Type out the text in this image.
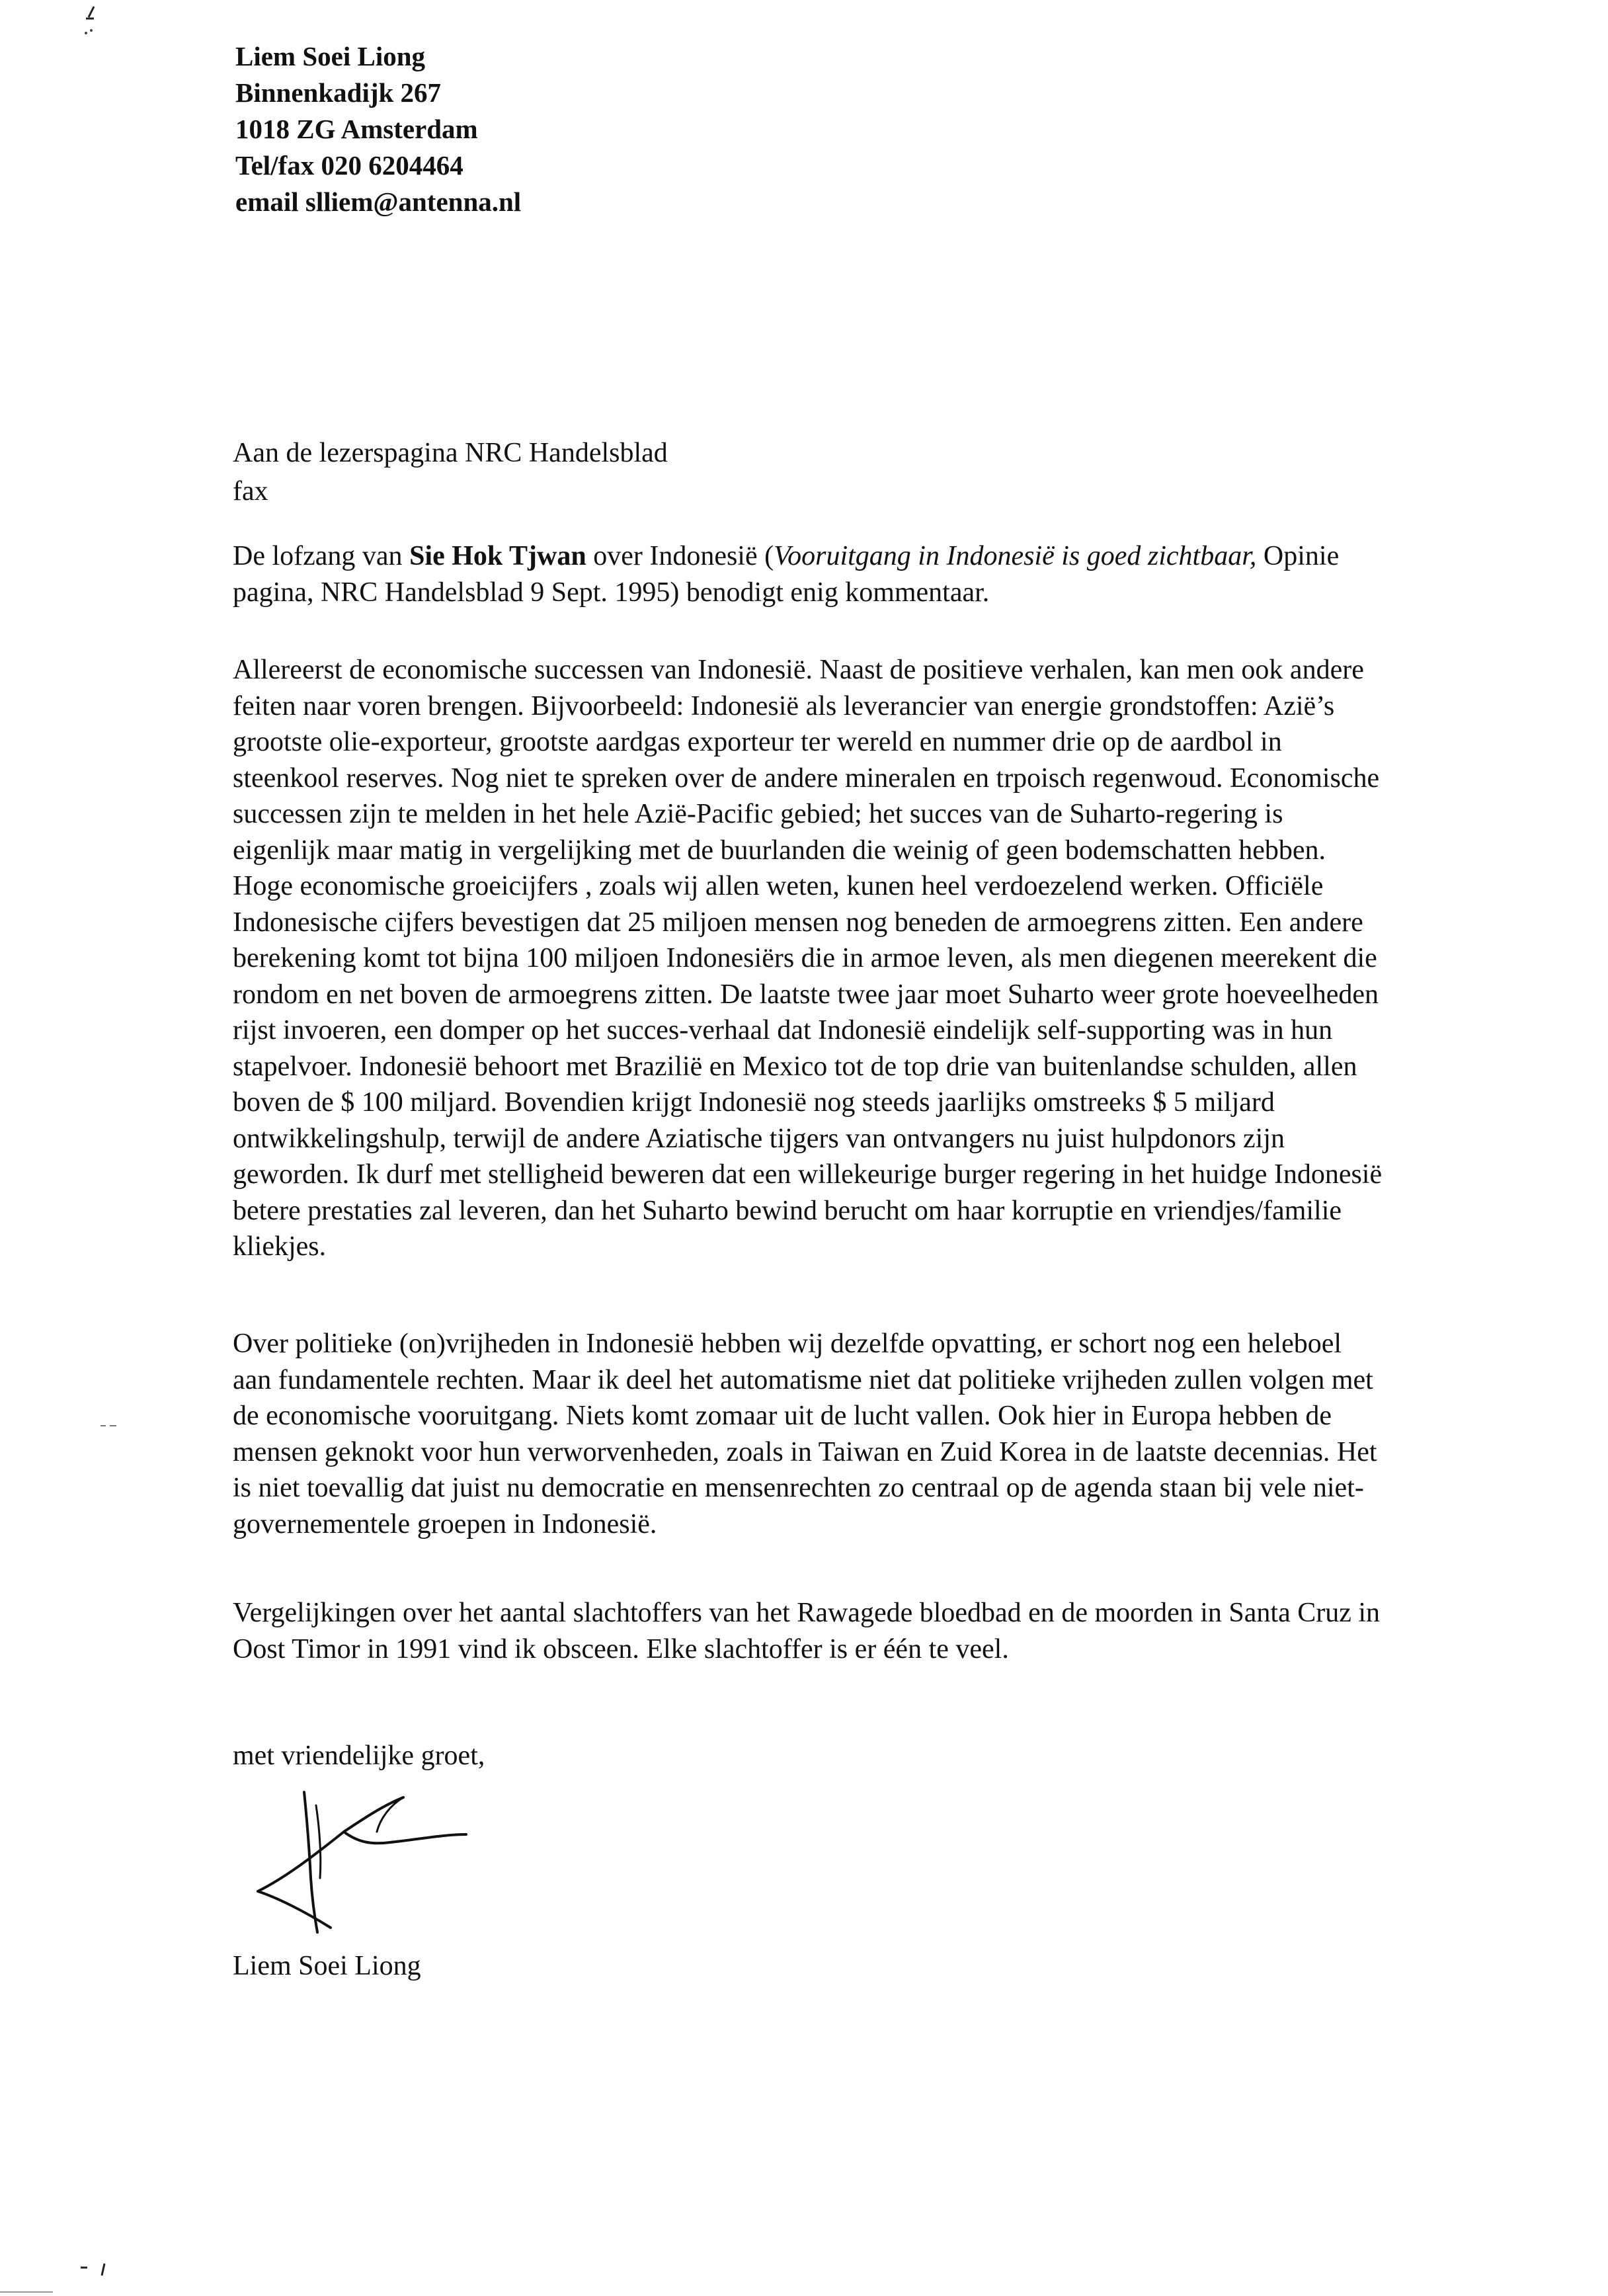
Liem Soei Liong
Binnenkadijk 267
1018 ZG Amsterdam
Tel/fax 020 6204464
email slliem@antenna.nl
Aan de lezerspagina NRC Handelsblad
fax
De lofzang van Sie Hok Tjwan over Indonesië (Vooruitgang in Indonesië is goed zichtbaar, Opinie pagina, NRC Handelsblad 9 Sept. 1995) benodigt enig kommentaar.
Allereerst de economische successen van Indonesië. Naast de positieve verhalen, kan men ook andere feiten naar voren brengen. Bijvoorbeeld: Indonesië als leverancier van energie grondstoffen: Azië’s grootste olie-exporteur, grootste aardgas exporteur ter wereld en nummer drie op de aardbol in steenkool reserves. Nog niet te spreken over de andere mineralen en trpoisch regenwoud. Economische successen zijn te melden in het hele Azië-Pacific gebied; het succes van de Suharto-regering is eigenlijk maar matig in vergelijking met de buurlanden die weinig of geen bodemschatten hebben. Hoge economische groeicijfers , zoals wij allen weten, kunen heel verdoezelend werken. Officiële Indonesische cijfers bevestigen dat 25 miljoen mensen nog beneden de armoegrens zitten. Een andere berekening komt tot bijna 100 miljoen Indonesiërs die in armoe leven, als men diegenen meerekent die rondom en net boven de armoegrens zitten. De laatste twee jaar moet Suharto weer grote hoeveelheden rijst invoeren, een domper op het succes-verhaal dat Indonesië eindelijk self-supporting was in hun stapelvoer. Indonesië behoort met Brazilië en Mexico tot de top drie van buitenlandse schulden, allen boven de $ 100 miljard. Bovendien krijgt Indonesië nog steeds jaarlijks omstreeks $ 5 miljard ontwikkelingshulp, terwijl de andere Aziatische tijgers van ontvangers nu juist hulpdonors zijn geworden. Ik durf met stelligheid beweren dat een willekeurige burger regering in het huidge Indonesië betere prestaties zal leveren, dan het Suharto bewind berucht om haar korruptie en vriendjes/familie kliekjes.
Over politieke (on)vrijheden in Indonesië hebben wij dezelfde opvatting, er schort nog een heleboel aan fundamentele rechten. Maar ik deel het automatisme niet dat politieke vrijheden zullen volgen met de economische vooruitgang. Niets komt zomaar uit de lucht vallen. Ook hier in Europa hebben de mensen geknokt voor hun verworvenheden, zoals in Taiwan en Zuid Korea in de laatste decennias. Het is niet toevallig dat juist nu democratie en mensenrechten zo centraal op de agenda staan bij vele niet-governementele groepen in Indonesië.
Vergelijkingen over het aantal slachtoffers van het Rawagede bloedbad en de moorden in Santa Cruz in Oost Timor in 1991 vind ik obsceen. Elke slachtoffer is er één te veel.
met vriendelijke groet,
Liem Soei Liong
